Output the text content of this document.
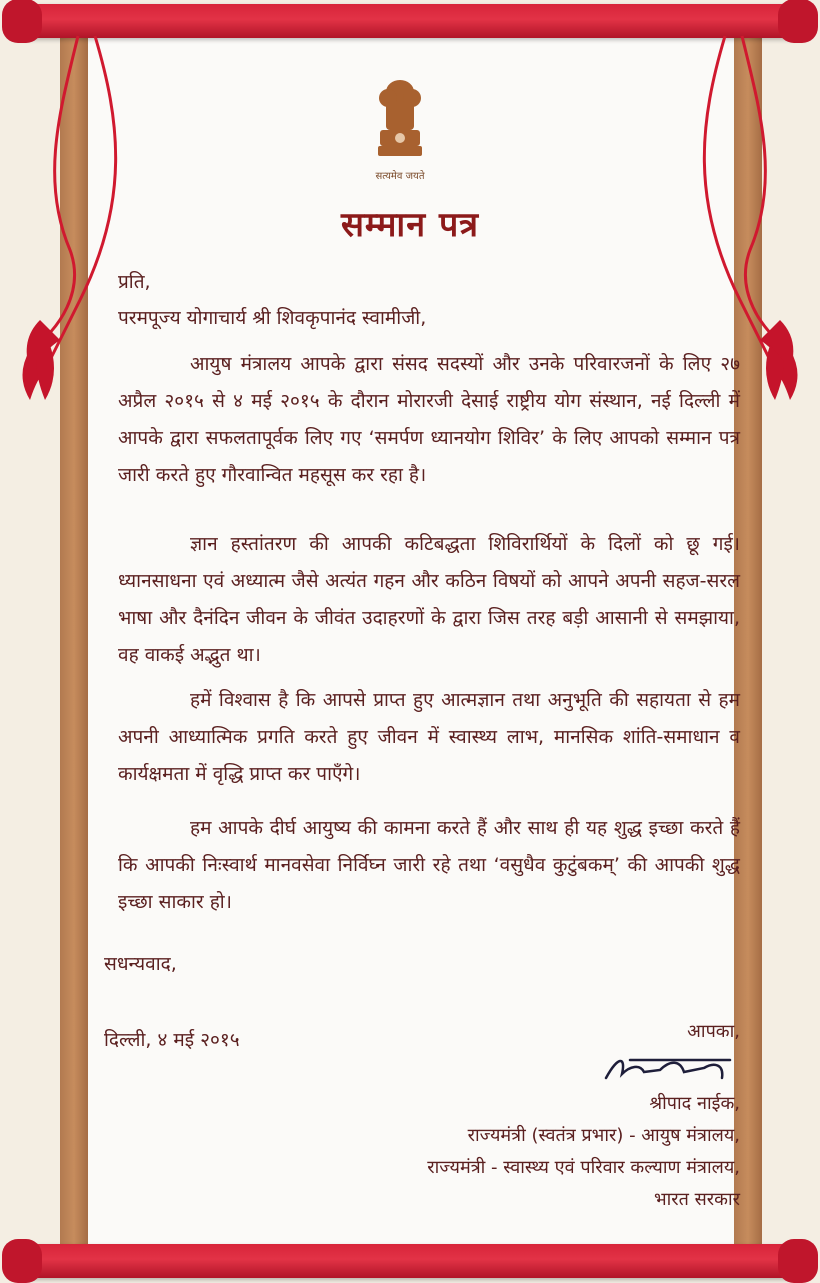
सत्यमेव जयते
सम्मान पत्र
प्रति,
परमपूज्य योगाचार्य श्री शिवकृपानंद स्वामीजी,
आयुष मंत्रालय आपके द्वारा संसद सदस्यों और उनके परिवारजनों के लिए २७ अप्रैल २०१५ से ४ मई २०१५ के दौरान मोरारजी देसाई राष्ट्रीय योग संस्थान, नई दिल्ली में आपके द्वारा सफलतापूर्वक लिए गए ‘समर्पण ध्यानयोग शिविर’ के लिए आपको सम्मान पत्र जारी करते हुए गौरवान्वित महसूस कर रहा है।
ज्ञान हस्तांतरण की आपकी कटिबद्धता शिविरार्थियों के दिलों को छू गई। ध्यानसाधना एवं अध्यात्म जैसे अत्यंत गहन और कठिन विषयों को आपने अपनी सहज-सरल भाषा और दैनंदिन जीवन के जीवंत उदाहरणों के द्वारा जिस तरह बड़ी आसानी से समझाया, वह वाकई अद्भुत था।
हमें विश्वास है कि आपसे प्राप्त हुए आत्मज्ञान तथा अनुभूति की सहायता से हम अपनी आध्यात्मिक प्रगति करते हुए जीवन में स्वास्थ्य लाभ, मानसिक शांति-समाधान व कार्यक्षमता में वृद्धि प्राप्त कर पाएँगे।
हम आपके दीर्घ आयुष्य की कामना करते हैं और साथ ही यह शुद्ध इच्छा करते हैं कि आपकी निःस्वार्थ मानवसेवा निर्विघ्न जारी रहे तथा ‘वसुधैव कुटुंबकम्’ की आपकी शुद्ध इच्छा साकार हो।
सधन्यवाद,
दिल्ली, ४ मई २०१५	आपका,
श्रीपाद नाईक,
राज्यमंत्री (स्वतंत्र प्रभार) - आयुष मंत्रालय,
राज्यमंत्री - स्वास्थ्य एवं परिवार कल्याण मंत्रालय,
भारत सरकार
